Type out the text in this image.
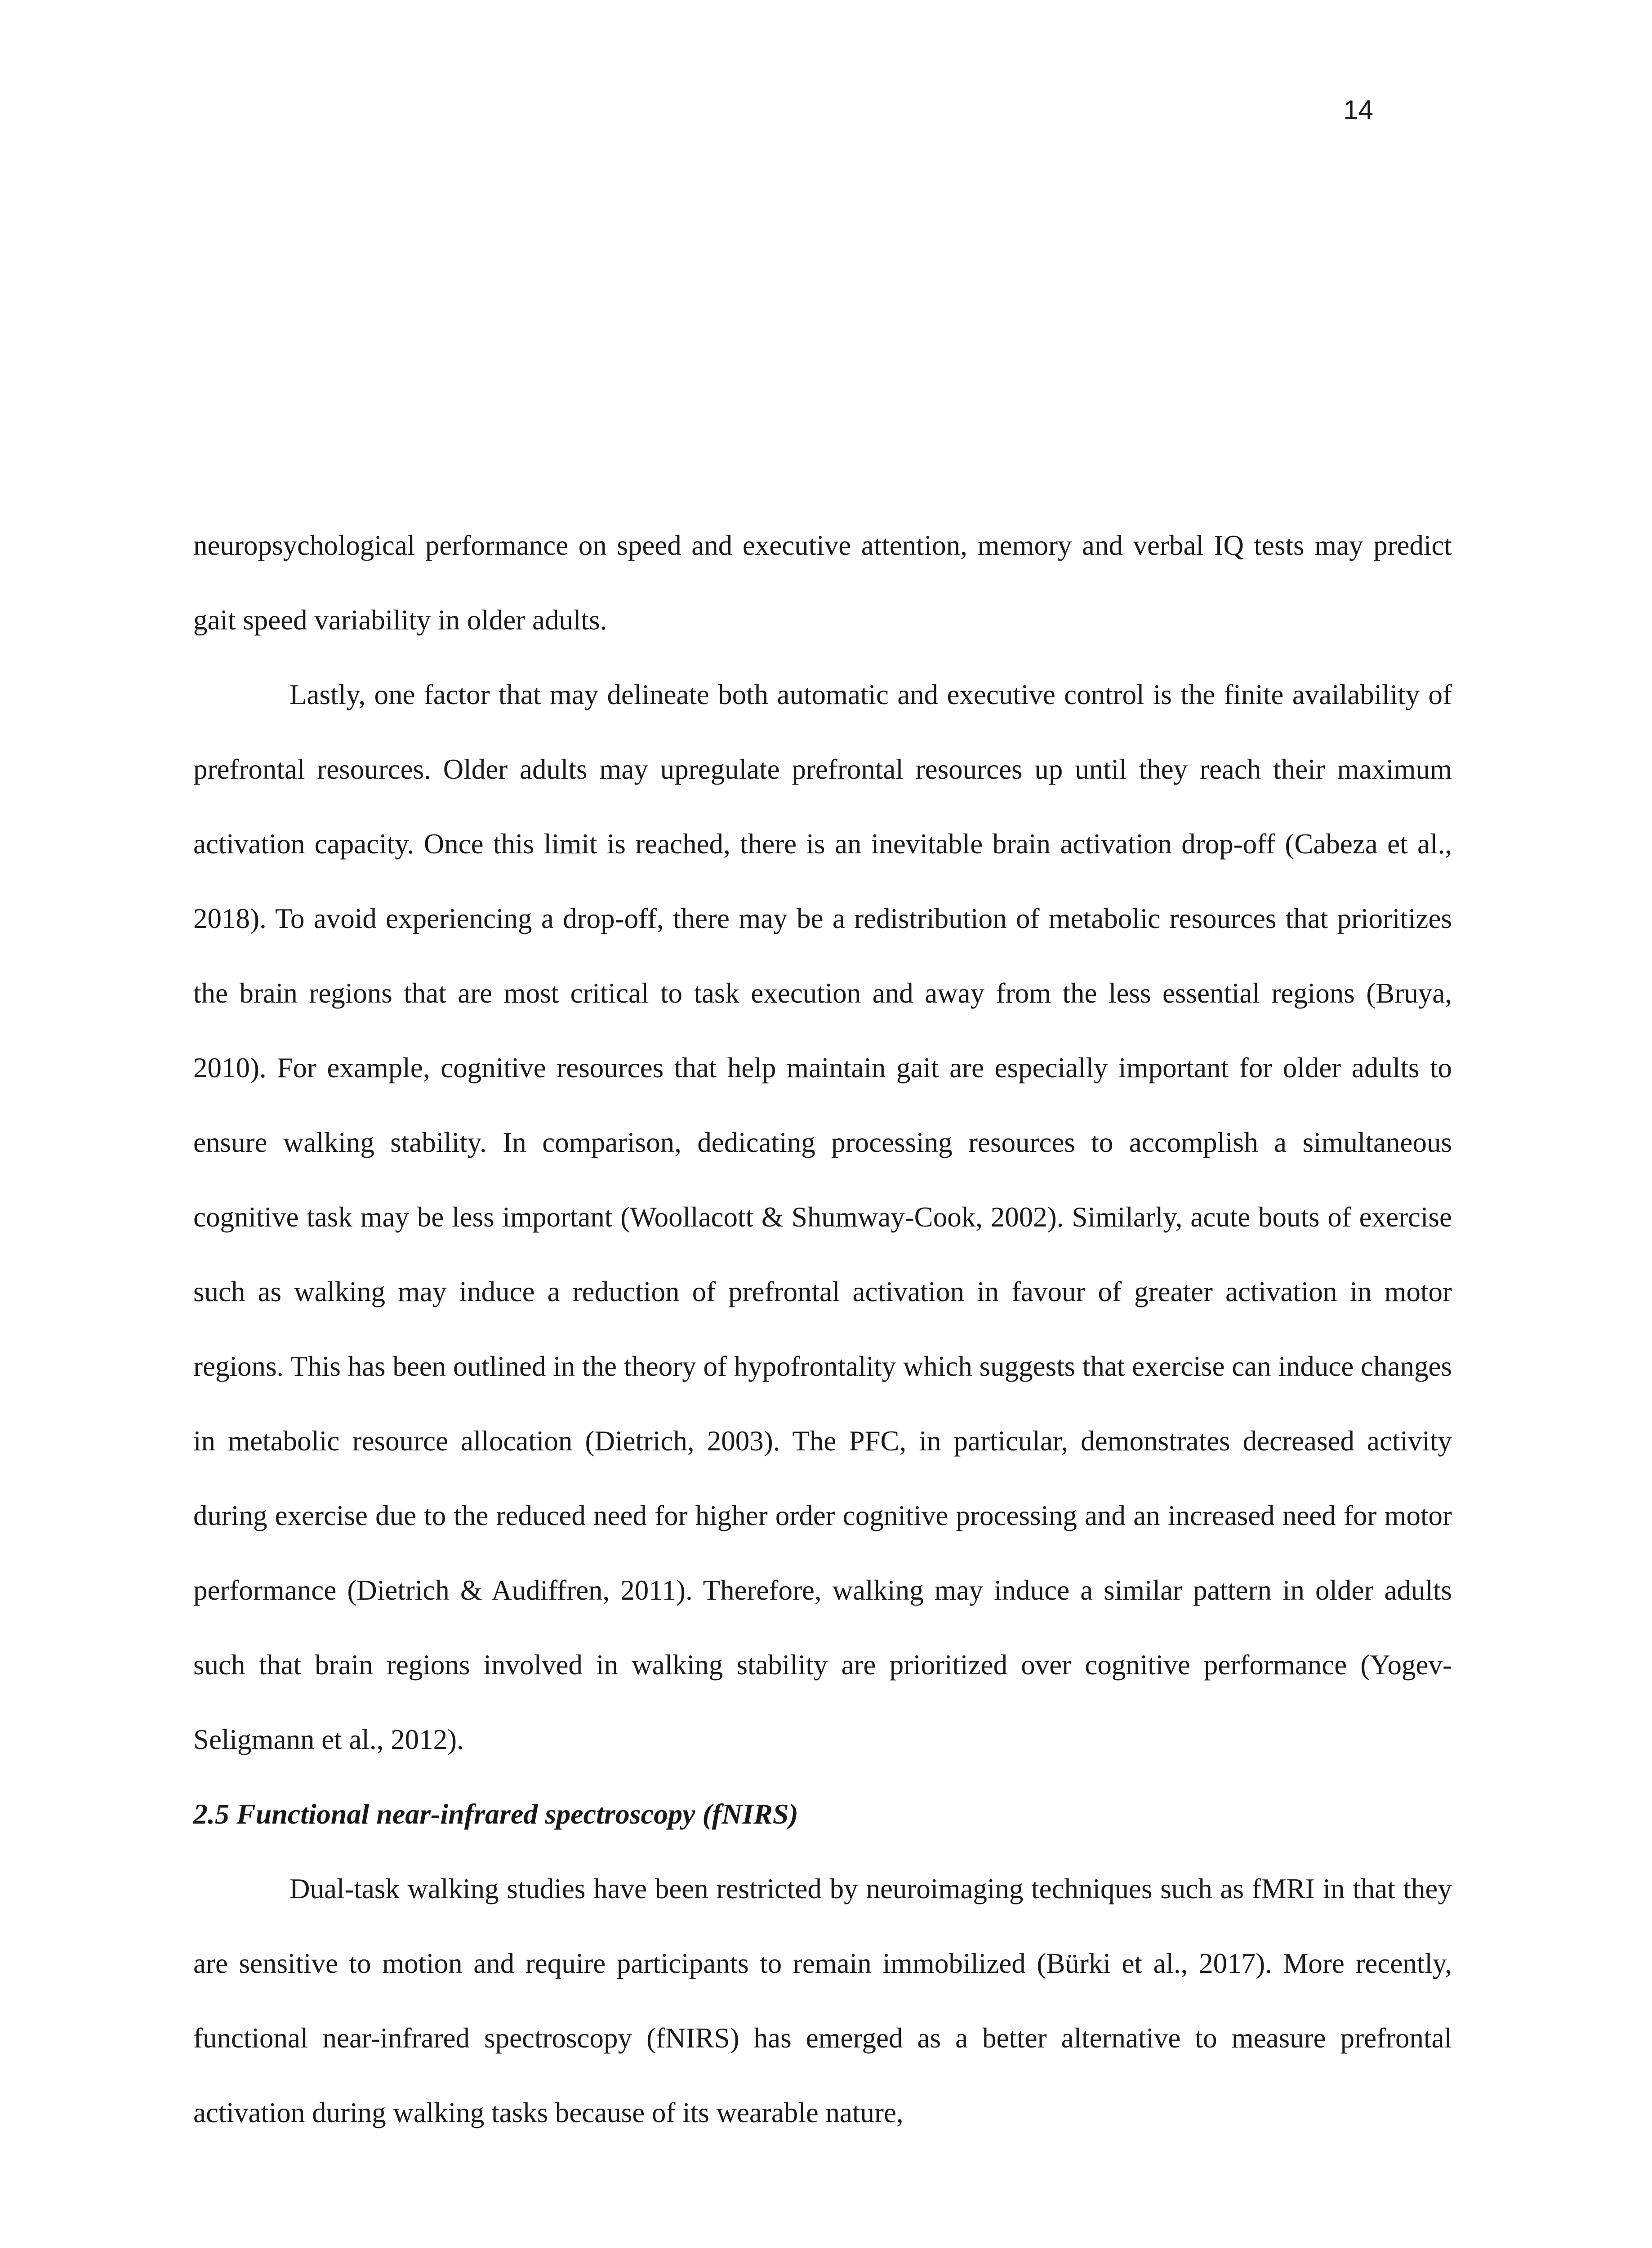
14

neuropsychological performance on speed and executive attention, memory and verbal IQ tests may predict gait speed variability in older adults.

Lastly, one factor that may delineate both automatic and executive control is the finite availability of prefrontal resources. Older adults may upregulate prefrontal resources up until they reach their maximum activation capacity. Once this limit is reached, there is an inevitable brain activation drop-off (Cabeza et al., 2018). To avoid experiencing a drop-off, there may be a redistribution of metabolic resources that prioritizes the brain regions that are most critical to task execution and away from the less essential regions (Bruya, 2010). For example, cognitive resources that help maintain gait are especially important for older adults to ensure walking stability. In comparison, dedicating processing resources to accomplish a simultaneous cognitive task may be less important (Woollacott & Shumway-Cook, 2002). Similarly, acute bouts of exercise such as walking may induce a reduction of prefrontal activation in favour of greater activation in motor regions. This has been outlined in the theory of hypofrontality which suggests that exercise can induce changes in metabolic resource allocation (Dietrich, 2003). The PFC, in particular, demonstrates decreased activity during exercise due to the reduced need for higher order cognitive processing and an increased need for motor performance (Dietrich & Audiffren, 2011). Therefore, walking may induce a similar pattern in older adults such that brain regions involved in walking stability are prioritized over cognitive performance (Yogev-Seligmann et al., 2012).

2.5 Functional near-infrared spectroscopy (fNIRS)

Dual-task walking studies have been restricted by neuroimaging techniques such as fMRI in that they are sensitive to motion and require participants to remain immobilized (Bürki et al., 2017). More recently, functional near-infrared spectroscopy (fNIRS) has emerged as a better alternative to measure prefrontal activation during walking tasks because of its wearable nature,
